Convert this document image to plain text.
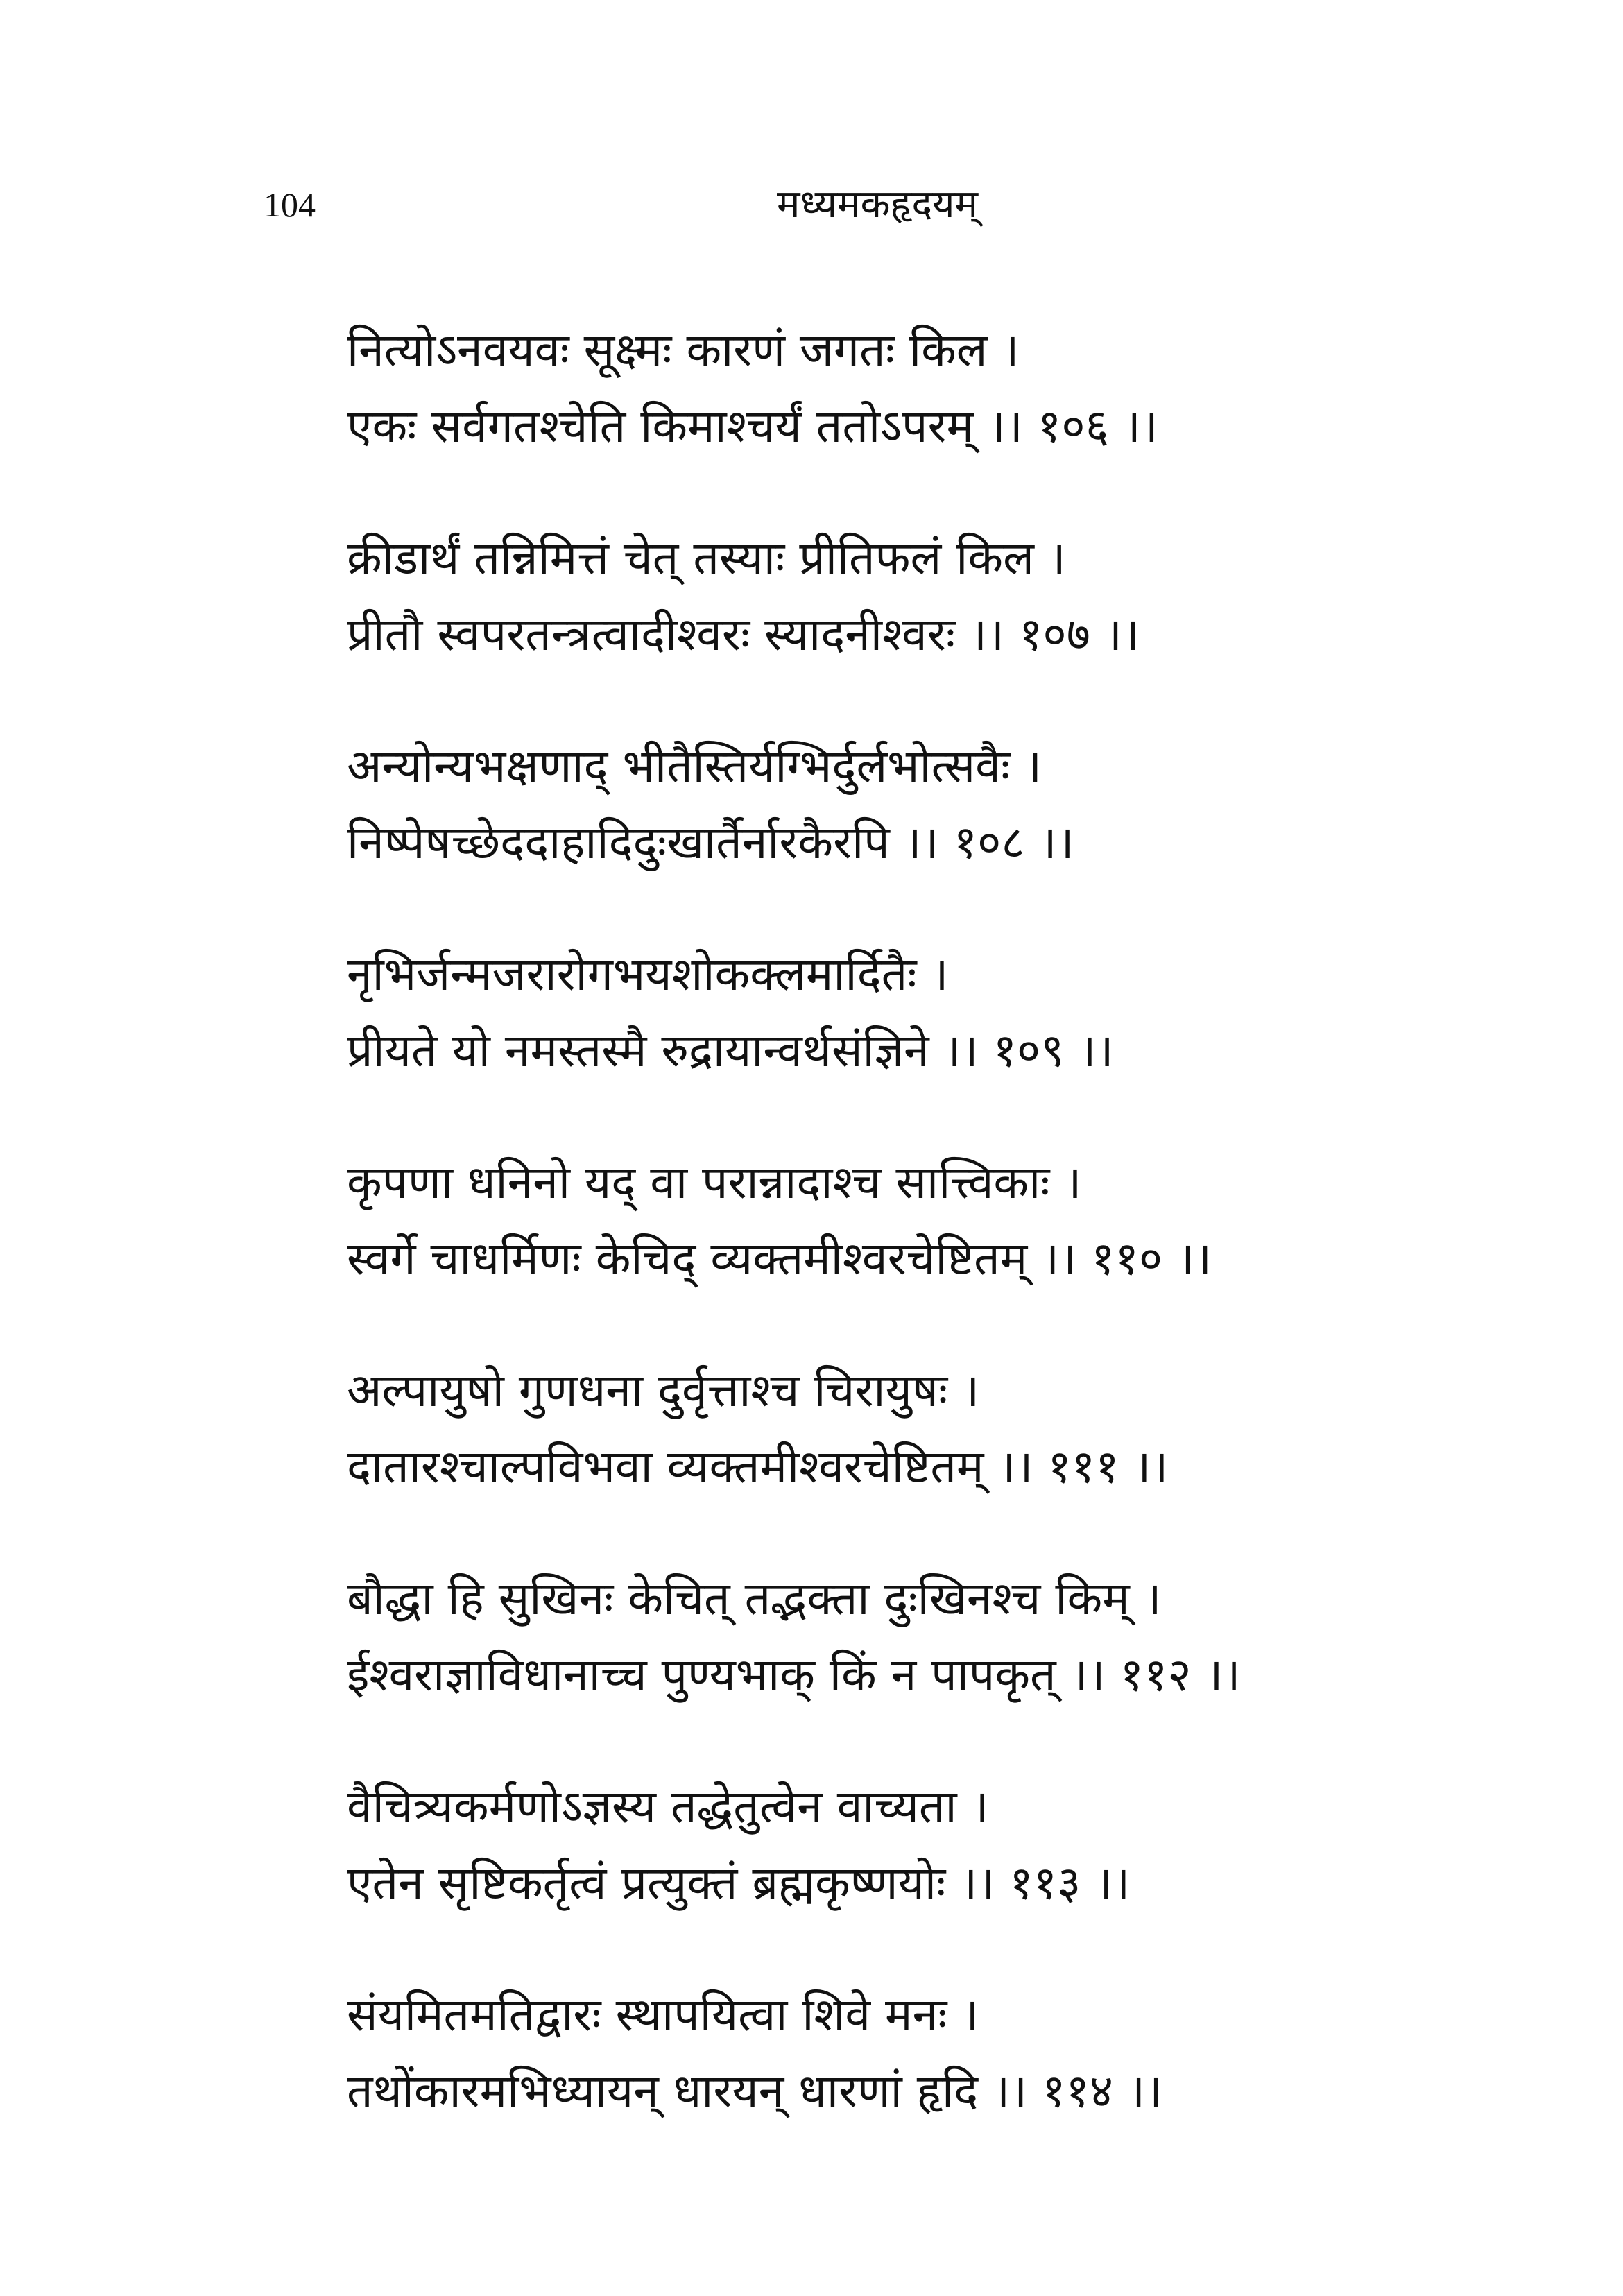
104	मध्यमकहृदयम्
नित्योऽनवयवः सूक्ष्मः कारणं जगतः किल ।
एकः सर्वगतश्चेति किमाश्चर्यं ततोऽपरम् ।। १०६ ।।
क्रीडार्थं तन्निमित्तं चेत् तस्याः प्रीतिफलं किल ।
प्रीतौ स्वपरतन्त्रत्वादीश्वरः स्यादनीश्वरः ।। १०७ ।।
अन्योन्यभक्षणाद् भीतैस्तिर्यग्भिर्दुर्लभोत्सवैः ।
निष्पेषच्छेददाहादिदुःखार्तैर्नारकैरपि ।। १०८ ।।
नृभिर्जन्मजरारोगभयशोकक्लमार्दितैः ।
प्रीयते यो नमस्तस्मै रुद्रायान्वर्थसंज्ञिने ।। १०९ ।।
कृपणा धनिनो यद् वा परान्नादाश्च सात्त्विकाः ।
स्वर्गे चाधर्मिणः केचिद् व्यक्तमीश्वरचेष्टितम् ।। ११० ।।
अल्पायुषो गुणधना दुर्वृत्ताश्च चिरायुषः ।
दातारश्चाल्पविभवा व्यक्तमीश्वरचेष्टितम् ।। १११ ।।
बौद्धा हि सुखिनः केचित् तद्भक्ता दुःखिनश्च किम् ।
ईश्वराज्ञाविधानाच्च पुण्यभाक् किं न पापकृत् ।। ११२ ।।
वैचित्र्यकर्मणोऽज्ञस्य तद्धेतुत्वेन वाच्यता ।
एतेन सृष्टिकर्तृत्वं प्रत्युक्तं ब्रह्मकृष्णयोः ।। ११३ ।।
संयमितमतिद्वारः स्थापयित्वा शिवे मनः ।
तथोंकारमभिध्यायन् धारयन् धारणां हृदि ।। ११४ ।।
